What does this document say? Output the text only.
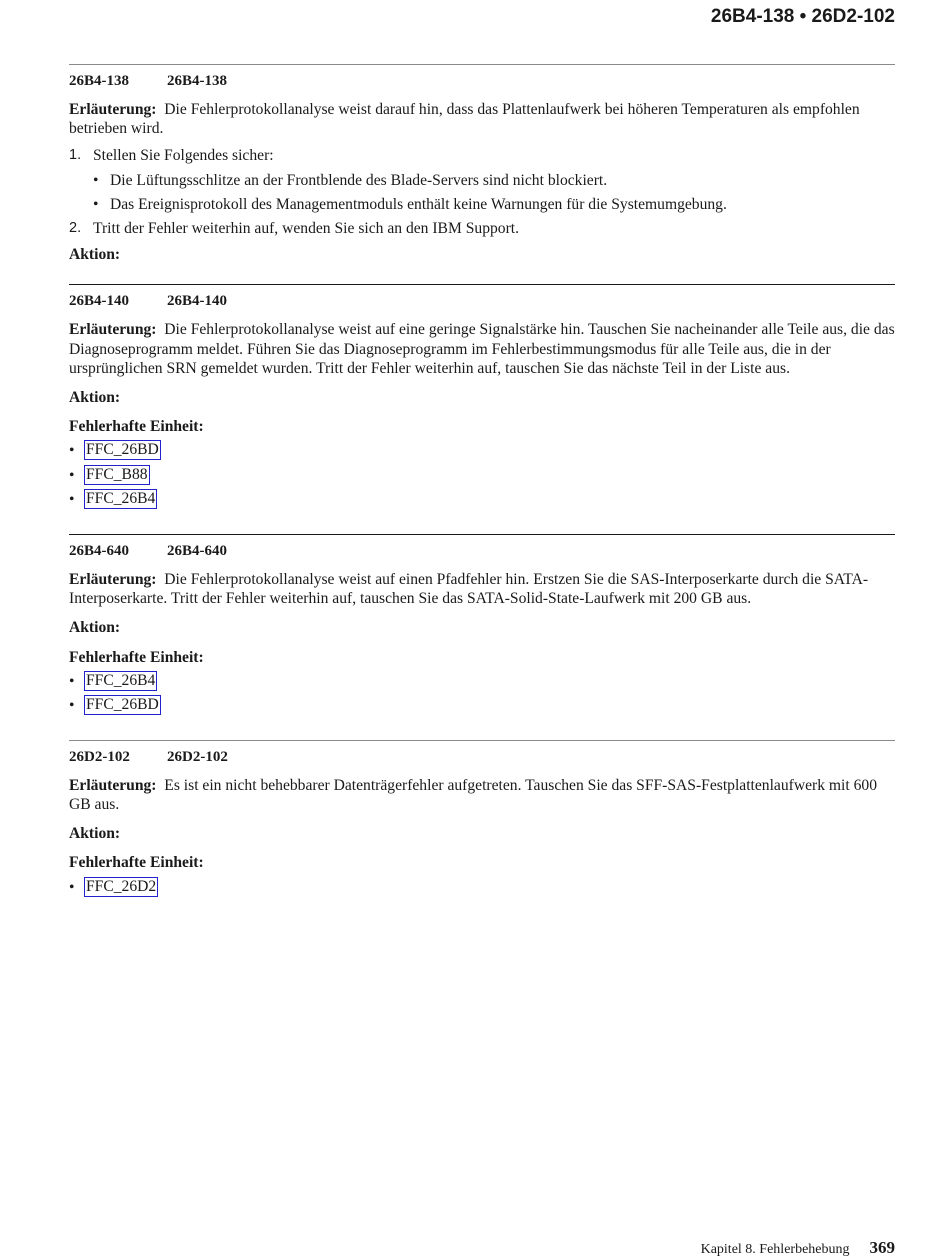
26B4-138 • 26D2-102
26B4-138	26B4-138

Erläuterung: Die Fehlerprotokollanalyse weist darauf hin, dass das Plattenlaufwerk bei höheren Temperaturen als empfohlen betrieben wird.

1. Stellen Sie Folgendes sicher:
• Die Lüftungsschlitze an der Frontblende des Blade-Servers sind nicht blockiert.
• Das Ereignisprotokoll des Managementmoduls enthält keine Warnungen für die Systemumgebung.
2. Tritt der Fehler weiterhin auf, wenden Sie sich an den IBM Support.

Aktion:

26B4-140	26B4-140

Erläuterung: Die Fehlerprotokollanalyse weist auf eine geringe Signalstärke hin. Tauschen Sie nacheinander alle Teile aus, die das Diagnoseprogramm meldet. Führen Sie das Diagnoseprogramm im Fehlerbestimmungsmodus für alle Teile aus, die in der ursprünglichen SRN gemeldet wurden. Tritt der Fehler weiterhin auf, tauschen Sie das nächste Teil in der Liste aus.

Aktion:

Fehlerhafte Einheit:

• FFC_26BD
• FFC_B88
• FFC_26B4
26B4-640	26B4-640

Erläuterung: Die Fehlerprotokollanalyse weist auf einen Pfadfehler hin. Erstzen Sie die SAS-Interposerkarte durch die SATA-Interposerkarte. Tritt der Fehler weiterhin auf, tauschen Sie das SATA-Solid-State-Laufwerk mit 200 GB aus.

Aktion:

Fehlerhafte Einheit:

• FFC_26B4
• FFC_26BD
26D2-102 26D2-102

Erläuterung: Es ist ein nicht behebbarer Datenträgerfehler aufgetreten. Tauschen Sie das SFF-SAS-Festplattenlaufwerk mit 600 GB aus.

Aktion:

Fehlerhafte Einheit:

• FFC_26D2
Kapitel 8. Fehlerbehebung 369
